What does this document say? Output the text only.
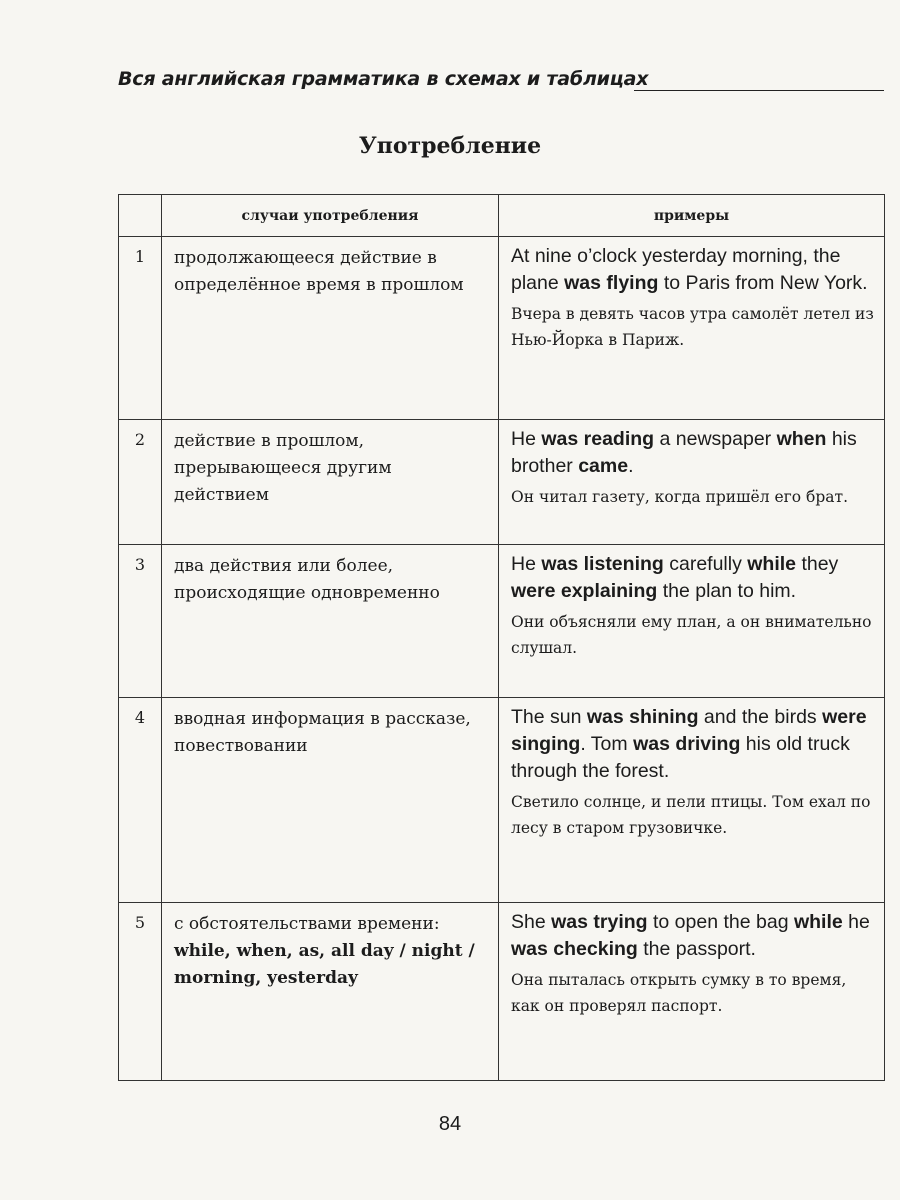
Вся английская грамматика в схемах и таблицах
Употребление
	случаи употребления	примеры
1	продолжающееся действие в определённое время в прошлом	At nine o’clock yesterday morning, the plane was flying to Paris from New York.
Вчера в девять часов утра самолёт летел из Нью-Йорка в Париж.

2	действие в прошлом, прерывающееся другим действием	He was reading a newspaper when his brother came.
Он читал газету, когда пришёл его брат.

3	два действия или более, происходящие одновременно	He was listening carefully while they were explaining the plan to him.
Они объясняли ему план, а он внимательно слушал.

4	вводная информация в рассказе, повествовании	The sun was shining and the birds were singing. Tom was driving his old truck through the forest.
Светило солнце, и пели птицы. Том ехал по лесу в старом грузовичке.

5	с обстоятельствами времени: while, when, as, all day / night / morning, yesterday	She was trying to open the bag while he was checking the passport.
Она пыталась открыть сумку в то время, как он проверял паспорт.
84
